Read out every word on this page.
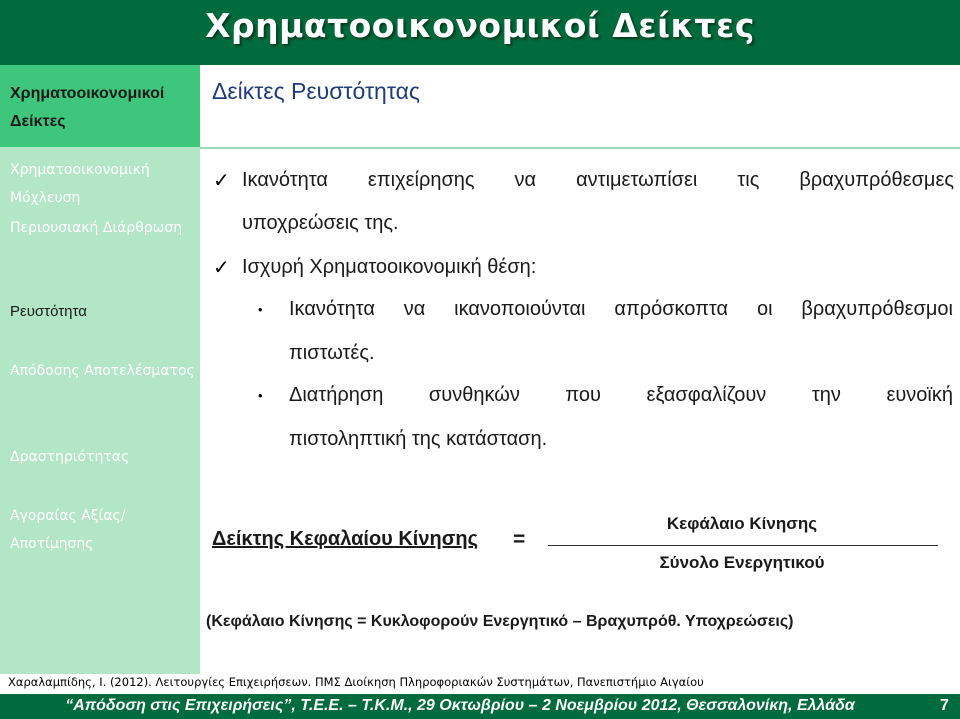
Χρηματοοικονομικοί Δείκτες
Χρηματοοικονομικοί Δείκτες
Χρηματοοικονομική Μόχλευση
Περιουσιακή Διάρθρωση
Ρευστότητα
Απόδοσης Αποτελέσματος
Δραστηριότητας
Αγοραίας Αξίας/Αποτίμησης
Δείκτες Ρευστότητας
✓ Ικανότητα επιχείρησης να αντιμετωπίσει τις βραχυπρόθεσμες
υποχρεώσεις της.
✓ Ισχυρή Χρηματοοικονομική θέση:
• Ικανότητα να ικανοποιούνται απρόσκοπτα οι βραχυπρόθεσμοι
πιστωτές.
• Διατήρηση συνθηκών που εξασφαλίζουν την ευνοϊκή
πιστοληπτική της κατάσταση.
Δείκτης Κεφαλαίου Κίνησης =
Κεφάλαιο Κίνησης
Σύνολο Ενεργητικού
(Κεφάλαιο Κίνησης = Κυκλοφορούν Ενεργητικό – Βραχυπρόθ. Υποχρεώσεις)
Χαραλαμπίδης, Ι. (2012). Λειτουργίες Επιχειρήσεων. ΠΜΣ Διοίκηση Πληροφοριακών Συστημάτων, Πανεπιστήμιο Αιγαίου
“Απόδοση στις Επιχειρήσεις”, Τ.Ε.Ε. – Τ.Κ.Μ., 29 Οκτωβρίου – 2 Νοεμβρίου 2012, Θεσσαλονίκη, Ελλάδα	7
